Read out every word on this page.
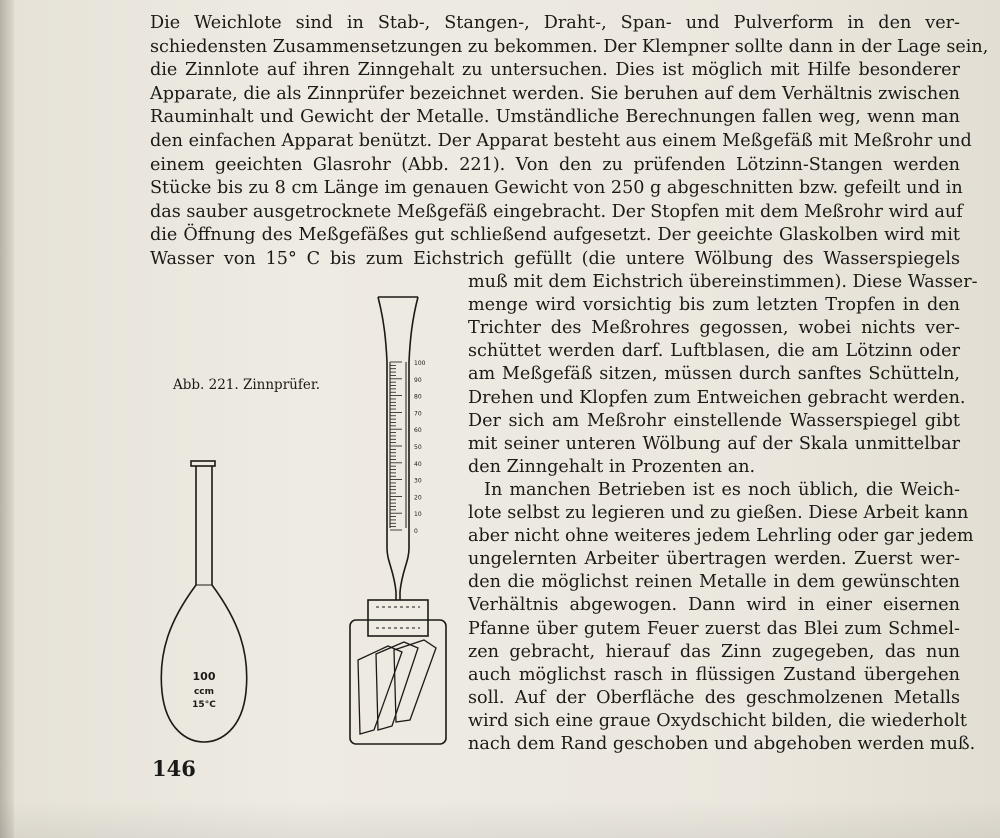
Die Weichlote sind in Stab-, Stangen-, Draht-, Span- und Pulverform in den ver-

schiedensten Zusammensetzungen zu bekommen. Der Klempner sollte dann in der Lage sein,

die Zinnlote auf ihren Zinngehalt zu untersuchen. Dies ist möglich mit Hilfe besonderer

Apparate, die als Zinnprüfer bezeichnet werden. Sie beruhen auf dem Verhältnis zwischen

Rauminhalt und Gewicht der Metalle. Umständliche Berechnungen fallen weg, wenn man

den einfachen Apparat benützt. Der Apparat besteht aus einem Meßgefäß mit Meßrohr und

einem geeichten Glasrohr (Abb. 221). Von den zu prüfenden Lötzinn-Stangen werden

Stücke bis zu 8 cm Länge im genauen Gewicht von 250 g abgeschnitten bzw. gefeilt und in

das sauber ausgetrocknete Meßgefäß eingebracht. Der Stopfen mit dem Meßrohr wird auf

die Öffnung des Meßgefäßes gut schließend aufgesetzt. Der geeichte Glaskolben wird mit

Wasser von 15° C bis zum Eichstrich gefüllt (die untere Wölbung des Wasserspiegels

muß mit dem Eichstrich übereinstimmen). Diese Wasser-

menge wird vorsichtig bis zum letzten Tropfen in den

Trichter des Meßrohres gegossen, wobei nichts ver-

schüttet werden darf. Luftblasen, die am Lötzinn oder

am Meßgefäß sitzen, müssen durch sanftes Schütteln,

Drehen und Klopfen zum Entweichen gebracht werden.

Der sich am Meßrohr einstellende Wasserspiegel gibt

mit seiner unteren Wölbung auf der Skala unmittelbar

den Zinngehalt in Prozenten an.

In manchen Betrieben ist es noch üblich, die Weich-

lote selbst zu legieren und zu gießen. Diese Arbeit kann

aber nicht ohne weiteres jedem Lehrling oder gar jedem

ungelernten Arbeiter übertragen werden. Zuerst wer-

den die möglichst reinen Metalle in dem gewünschten

Verhältnis abgewogen. Dann wird in einer eisernen

Pfanne über gutem Feuer zuerst das Blei zum Schmel-

zen gebracht, hierauf das Zinn zugegeben, das nun

auch möglichst rasch in flüssigen Zustand übergehen

soll. Auf der Oberfläche des geschmolzenen Metalls

wird sich eine graue Oxydschicht bilden, die wiederholt

nach dem Rand geschoben und abgehoben werden muß.

Abb. 221. Zinnprüfer.
100
90
80
70
60
50
40
30
20
10
0
100
ccm
15°C
146
